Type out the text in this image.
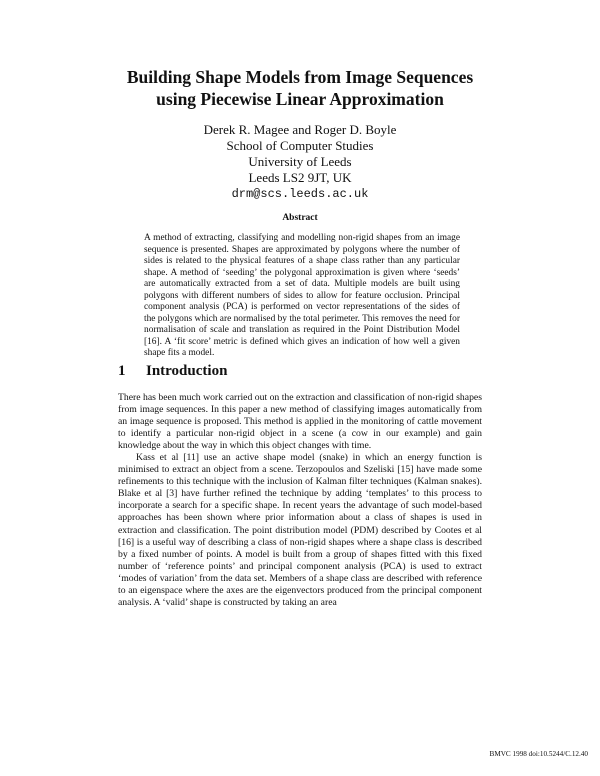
Building Shape Models from Image Sequences
using Piecewise Linear Approximation
Derek R. Magee and Roger D. Boyle
School of Computer Studies
University of Leeds
Leeds LS2 9JT, UK
drm@scs.leeds.ac.uk
Abstract
A method of extracting, classifying and modelling non-rigid shapes from an image sequence is presented. Shapes are approximated by polygons where the number of sides is related to the physical features of a shape class rather than any particular shape. A method of ‘seeding’ the polygonal approximation is given where ‘seeds’ are automatically extracted from a set of data. Multiple models are built using polygons with different numbers of sides to allow for feature occlusion. Principal component analysis (PCA) is performed on vector representations of the sides of the polygons which are normalised by the total perimeter. This removes the need for normalisation of scale and translation as required in the Point Distribution Model [16]. A ‘fit score’ metric is defined which gives an indication of how well a given shape fits a model.
1 Introduction

There has been much work carried out on the extraction and classification of non-rigid shapes from image sequences. In this paper a new method of classifying images automatically from an image sequence is proposed. This method is applied in the monitoring of cattle movement to identify a particular non-rigid object in a scene (a cow in our example) and gain knowledge about the way in which this object changes with time.

Kass et al [11] use an active shape model (snake) in which an energy function is minimised to extract an object from a scene. Terzopoulos and Szeliski [15] have made some refinements to this technique with the inclusion of Kalman filter techniques (Kalman snakes). Blake et al [3] have further refined the technique by adding ‘templates’ to this process to incorporate a search for a specific shape. In recent years the advantage of such model-based approaches has been shown where prior information about a class of shapes is used in extraction and classification. The point distribution model (PDM) described by Cootes et al [16] is a useful way of describing a class of non-rigid shapes where a shape class is described by a fixed number of points. A model is built from a group of shapes fitted with this fixed number of ‘reference points’ and principal component analysis (PCA) is used to extract ‘modes of variation’ from the data set. Members of a shape class are described with reference to an eigenspace where the axes are the eigenvectors produced from the principal component analysis. A ‘valid’ shape is constructed by taking an area

BMVC 1998 doi:10.5244/C.12.40
